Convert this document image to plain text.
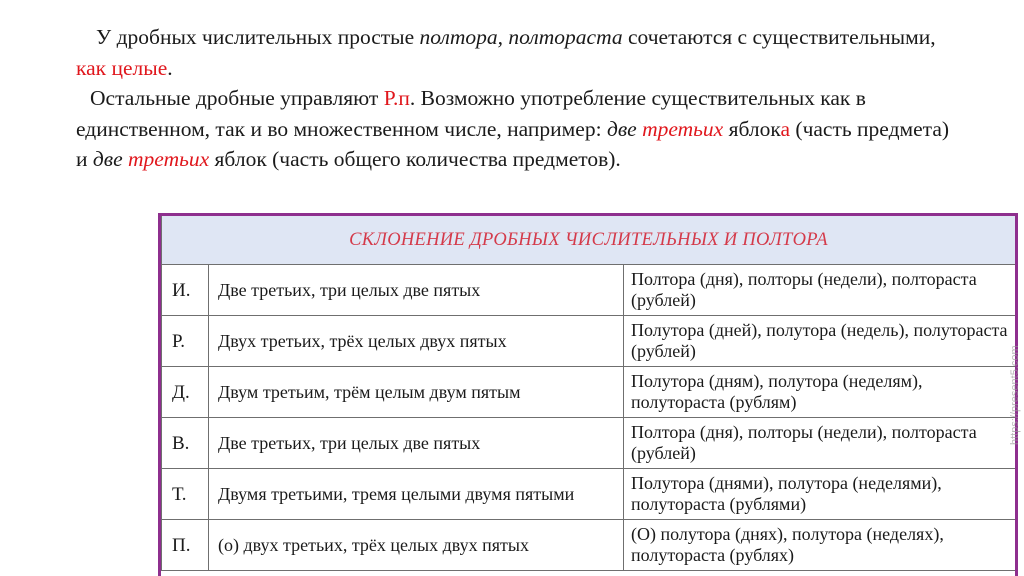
У дробных числительных простые полтора, полтораста сочетаются с существительными, как целые.

Остальные дробные управляют Р.п. Возможно употребление существительных как в единственном, так и во множественном числе, например: две третьих яблока (часть предмета) и две третьих яблок (часть общего количества предметов).

СКЛОНЕНИЕ ДРОБНЫХ ЧИСЛИТЕЛЬНЫХ И ПОЛТОРА		
И.	Две третьих, три целых две пятых	Полтора (дня), полторы (недели), полтораста (рублей)
Р.	Двух третьих, трёх целых двух пятых	Полутора (дней), полутора (недель), полутораста (рублей)
Д.	Двум третьим, трём целым двум пятым	Полутора (дням), полутора (неделям), полутораста (рублям)
В.	Две третьих, три целых две пятых	Полтора (дня), полторы (недели), полтораста (рублей)
Т.	Двумя третьими, тремя целыми двумя пятыми	Полутора (днями), полутора (неделями), полутораста (рублями)
П.	(о) двух третьих, трёх целых двух пятых	(О) полутора (днях), полутора (неделях), полутораста (рублях)
https://present5.com
